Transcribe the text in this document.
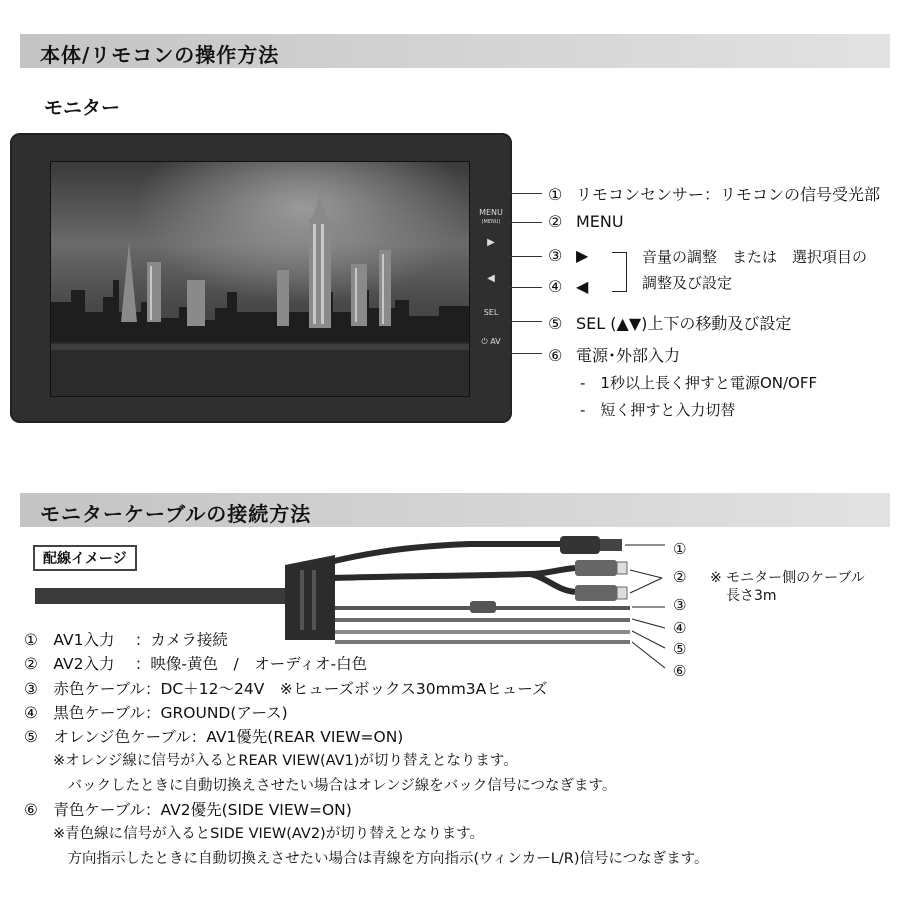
本体/リモコンの操作方法
モニター
MENU
(MENU)
▶
◀
SEL
⏻ AV
① リモコンセンサー：リモコンの信号受光部
② MENU
③ ▶
④ ◀
音量の調整　または　選択項目の
調整及び設定
⑤ SEL (▲▼)上下の移動及び設定
⑥ 電源･外部入力
-　1秒以上長く押すと電源ON/OFF
-　短く押すと入力切替
モニターケーブルの接続方法
配線イメージ
①
②
③
④
⑤
⑥
※ モニター側のケーブル
長さ3m
①　AV1入力　 ：カメラ接続
②　AV2入力　 ：映像-黄色　/　オーディオ-白色
③　赤色ケーブル：DC＋12～24V　※ヒューズボックス30mm3Aヒューズ
④　黒色ケーブル：GROUND(アース)
⑤　オレンジ色ケーブル：AV1優先(REAR VIEW=ON)
　　※オレンジ線に信号が入るとREAR VIEW(AV1)が切り替えとなります。
　　　バックしたときに自動切換えさせたい場合はオレンジ線をバック信号につなぎます。
⑥　青色ケーブル：AV2優先(SIDE VIEW=ON)
　　※青色線に信号が入るとSIDE VIEW(AV2)が切り替えとなります。
　　　方向指示したときに自動切換えさせたい場合は青線を方向指示(ウィンカーL/R)信号につなぎます。
